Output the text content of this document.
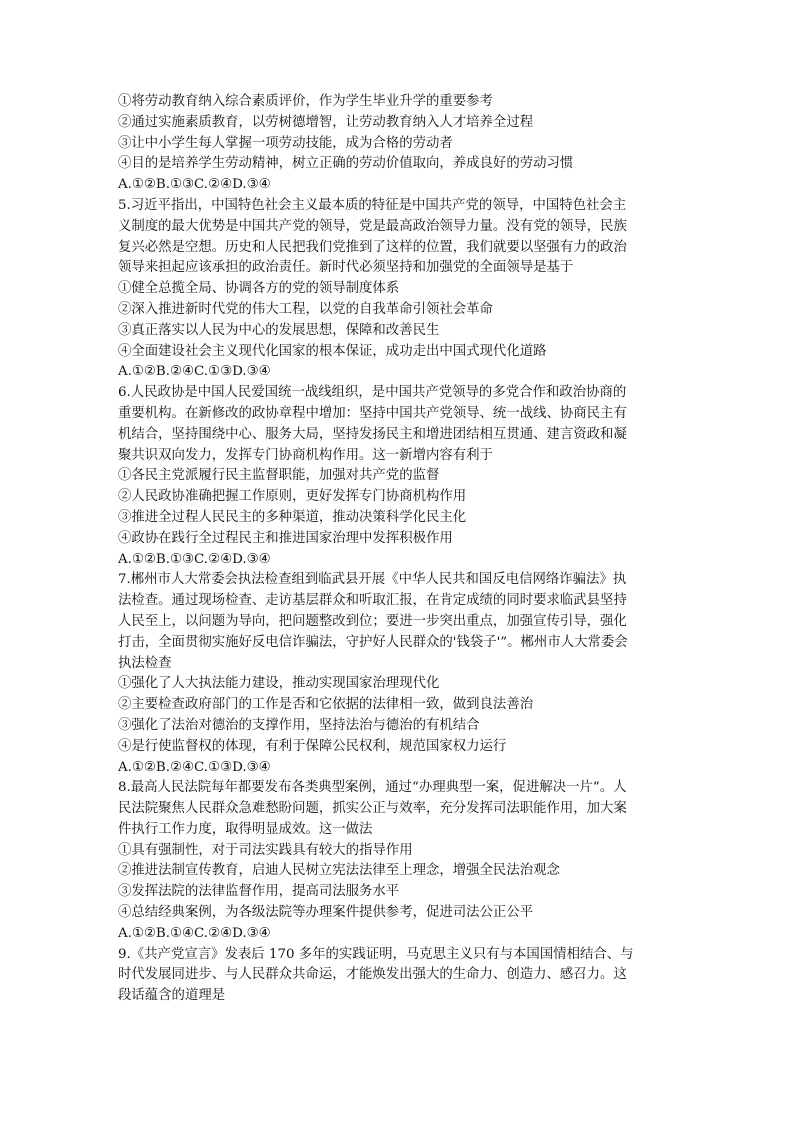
①将劳动教育纳入综合素质评价，作为学生毕业升学的重要参考
②通过实施素质教育，以劳树德增智，让劳动教育纳入人才培养全过程
③让中小学生每人掌握一项劳动技能，成为合格的劳动者
④目的是培养学生劳动精神，树立正确的劳动价值取向，养成良好的劳动习惯
A.①②B.①③C.②④D.③④
5.习近平指出，中国特色社会主义最本质的特征是中国共产党的领导，中国特色社会主
义制度的最大优势是中国共产党的领导，党是最高政治领导力量。没有党的领导，民族
复兴必然是空想。历史和人民把我们党推到了这样的位置，我们就要以坚强有力的政治
领导来担起应该承担的政治责任。新时代必须坚持和加强党的全面领导是基于
①健全总揽全局、协调各方的党的领导制度体系
②深入推进新时代党的伟大工程，以党的自我革命引领社会革命
③真正落实以人民为中心的发展思想，保障和改善民生
④全面建设社会主义现代化国家的根本保证，成功走出中国式现代化道路
A.①②B.②④C.①③D.③④
6.人民政协是中国人民爱国统一战线组织，是中国共产党领导的多党合作和政治协商的
重要机构。在新修改的政协章程中增加：坚持中国共产党领导、统一战线、协商民主有
机结合，坚持围绕中心、服务大局，坚持发扬民主和增进团结相互贯通、建言资政和凝
聚共识双向发力，发挥专门协商机构作用。这一新增内容有利于
①各民主党派履行民主监督职能，加强对共产党的监督
②人民政协准确把握工作原则，更好发挥专门协商机构作用
③推进全过程人民民主的多种渠道，推动决策科学化民主化
④政协在践行全过程民主和推进国家治理中发挥积极作用
A.①②B.①③C.②④D.③④
7.郴州市人大常委会执法检查组到临武县开展《中华人民共和国反电信网络诈骗法》执
法检查。通过现场检查、走访基层群众和听取汇报，在肯定成绩的同时要求临武县坚持
人民至上，以问题为导向，把问题整改到位；要进一步突出重点，加强宣传引导，强化
打击，全面贯彻实施好反电信诈骗法，守护好人民群众的'钱袋子'”。郴州市人大常委会
执法检查
①强化了人大执法能力建设，推动实现国家治理现代化
②主要检查政府部门的工作是否和它依据的法律相一致，做到良法善治
③强化了法治对德治的支撑作用，坚持法治与德治的有机结合
④是行使监督权的体现，有利于保障公民权利，规范国家权力运行
A.①②B.②④C.①③D.③④
8.最高人民法院每年都要发布各类典型案例，通过“办理典型一案，促进解决一片”。人
民法院聚焦人民群众急难愁盼问题，抓实公正与效率，充分发挥司法职能作用，加大案
件执行工作力度，取得明显成效。这一做法
①具有强制性，对于司法实践具有较大的指导作用
②推进法制宣传教育，启迪人民树立宪法法律至上理念，增强全民法治观念
③发挥法院的法律监督作用，提高司法服务水平
④总结经典案例，为各级法院等办理案件提供参考，促进司法公正公平
A.①②B.①④C.②④D.③④
9.《共产党宣言》发表后 170 多年的实践证明，马克思主义只有与本国国情相结合、与
时代发展同进步、与人民群众共命运，才能焕发出强大的生命力、创造力、感召力。这
段话蕴含的道理是
